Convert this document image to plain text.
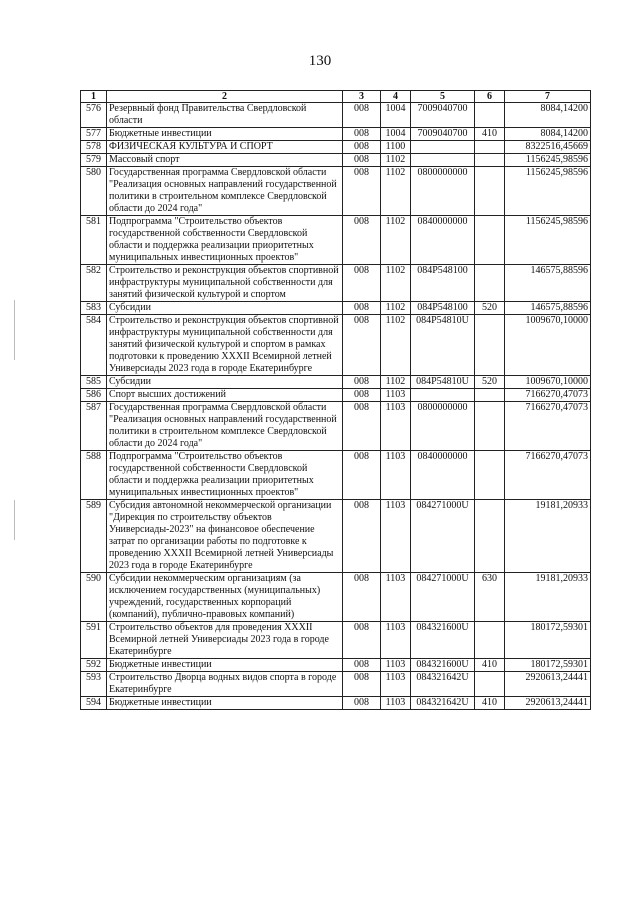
130
1	2	3	4	5	6	7
576	Резервный фонд Правительства Свердловской области	008	1004	7009040700		8084,14200
577	Бюджетные инвестиции	008	1004	7009040700	410	8084,14200
578	ФИЗИЧЕСКАЯ КУЛЬТУРА И СПОРТ	008	1100			8322516,45669
579	Массовый спорт	008	1102			1156245,98596
580	Государственная программа Свердловской области "Реализация основных направлений государственной политики в строительном комплексе Свердловской области до 2024 года"	008	1102	0800000000		1156245,98596
581	Подпрограмма "Строительство объектов государственной собственности Свердловской области и поддержка реализации приоритетных муниципальных инвестиционных проектов"	008	1102	0840000000		1156245,98596
582	Строительство и реконструкция объектов спортивной инфраструктуры муниципальной собственности для занятий физической культурой и спортом	008	1102	084P548100		146575,88596
583	Субсидии	008	1102	084P548100	520	146575,88596
584	Строительство и реконструкция объектов спортивной инфраструктуры муниципальной собственности для занятий физической культурой и спортом в рамках подготовки к проведению XXXII Всемирной летней Универсиады 2023 года в городе Екатеринбурге	008	1102	084P54810U		1009670,10000
585	Субсидии	008	1102	084P54810U	520	1009670,10000
586	Спорт высших достижений	008	1103			7166270,47073
587	Государственная программа Свердловской области "Реализация основных направлений государственной политики в строительном комплексе Свердловской области до 2024 года"	008	1103	0800000000		7166270,47073
588	Подпрограмма "Строительство объектов государственной собственности Свердловской области и поддержка реализации приоритетных муниципальных инвестиционных проектов"	008	1103	0840000000		7166270,47073
589	Субсидия автономной некоммерческой организации "Дирекция по строительству объектов Универсиады-2023" на финансовое обеспечение затрат по организации работы по подготовке к проведению XXXII Всемирной летней Универсиады 2023 года в городе Екатеринбурге	008	1103	084271000U		19181,20933
590	Субсидии некоммерческим организациям (за исключением государственных (муниципальных) учреждений, государственных корпораций (компаний), публично-правовых компаний)	008	1103	084271000U	630	19181,20933
591	Строительство объектов для проведения XXXII Всемирной летней Универсиады 2023 года в городе Екатеринбурге	008	1103	084321600U		180172,59301
592	Бюджетные инвестиции	008	1103	084321600U	410	180172,59301
593	Строительство Дворца водных видов спорта в городе Екатеринбурге	008	1103	084321642U		2920613,24441
594	Бюджетные инвестиции	008	1103	084321642U	410	2920613,24441
